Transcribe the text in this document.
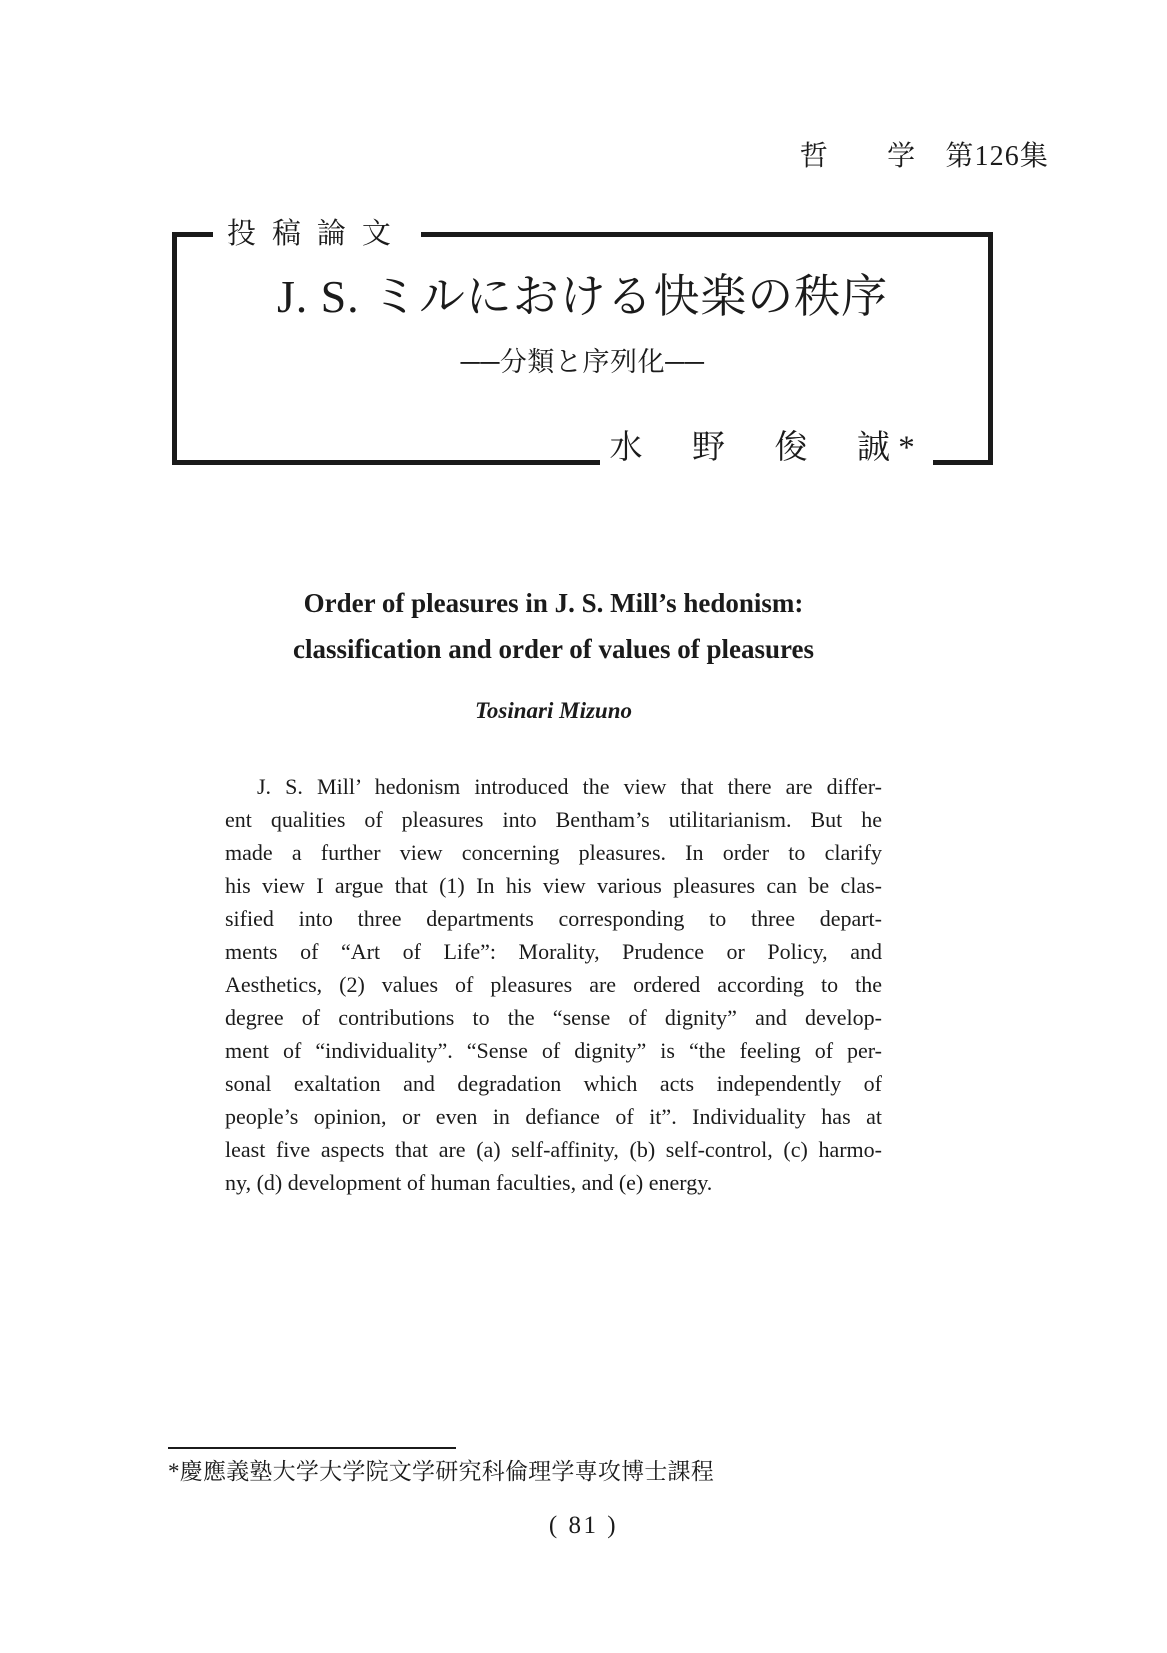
哲　　学　第126集
投稿論文
J. S. ミルにおける快楽の秩序
──分類と序列化──
水　野　俊　誠*
Order of pleasures in J. S. Mill’s hedonism:
classification and order of values of pleasures
Tosinari Mizuno
J. S. Mill’ hedonism introduced the view that there are differ-
ent qualities of pleasures into Bentham’s utilitarianism. But he
made a further view concerning pleasures. In order to clarify
his view I argue that (1) In his view various pleasures can be clas-
sified into three departments corresponding to three depart-
ments of “Art of Life”: Morality, Prudence or Policy, and
Aesthetics, (2) values of pleasures are ordered according to the
degree of contributions to the “sense of dignity” and develop-
ment of “individuality”. “Sense of dignity” is “the feeling of per-
sonal exaltation and degradation which acts independently of
people’s opinion, or even in defiance of it”. Individuality has at
least five aspects that are (a) self-affinity, (b) self-control, (c) harmo-
ny, (d) development of human faculties, and (e) energy.
*慶應義塾大学大学院文学研究科倫理学専攻博士課程
( 81 )
